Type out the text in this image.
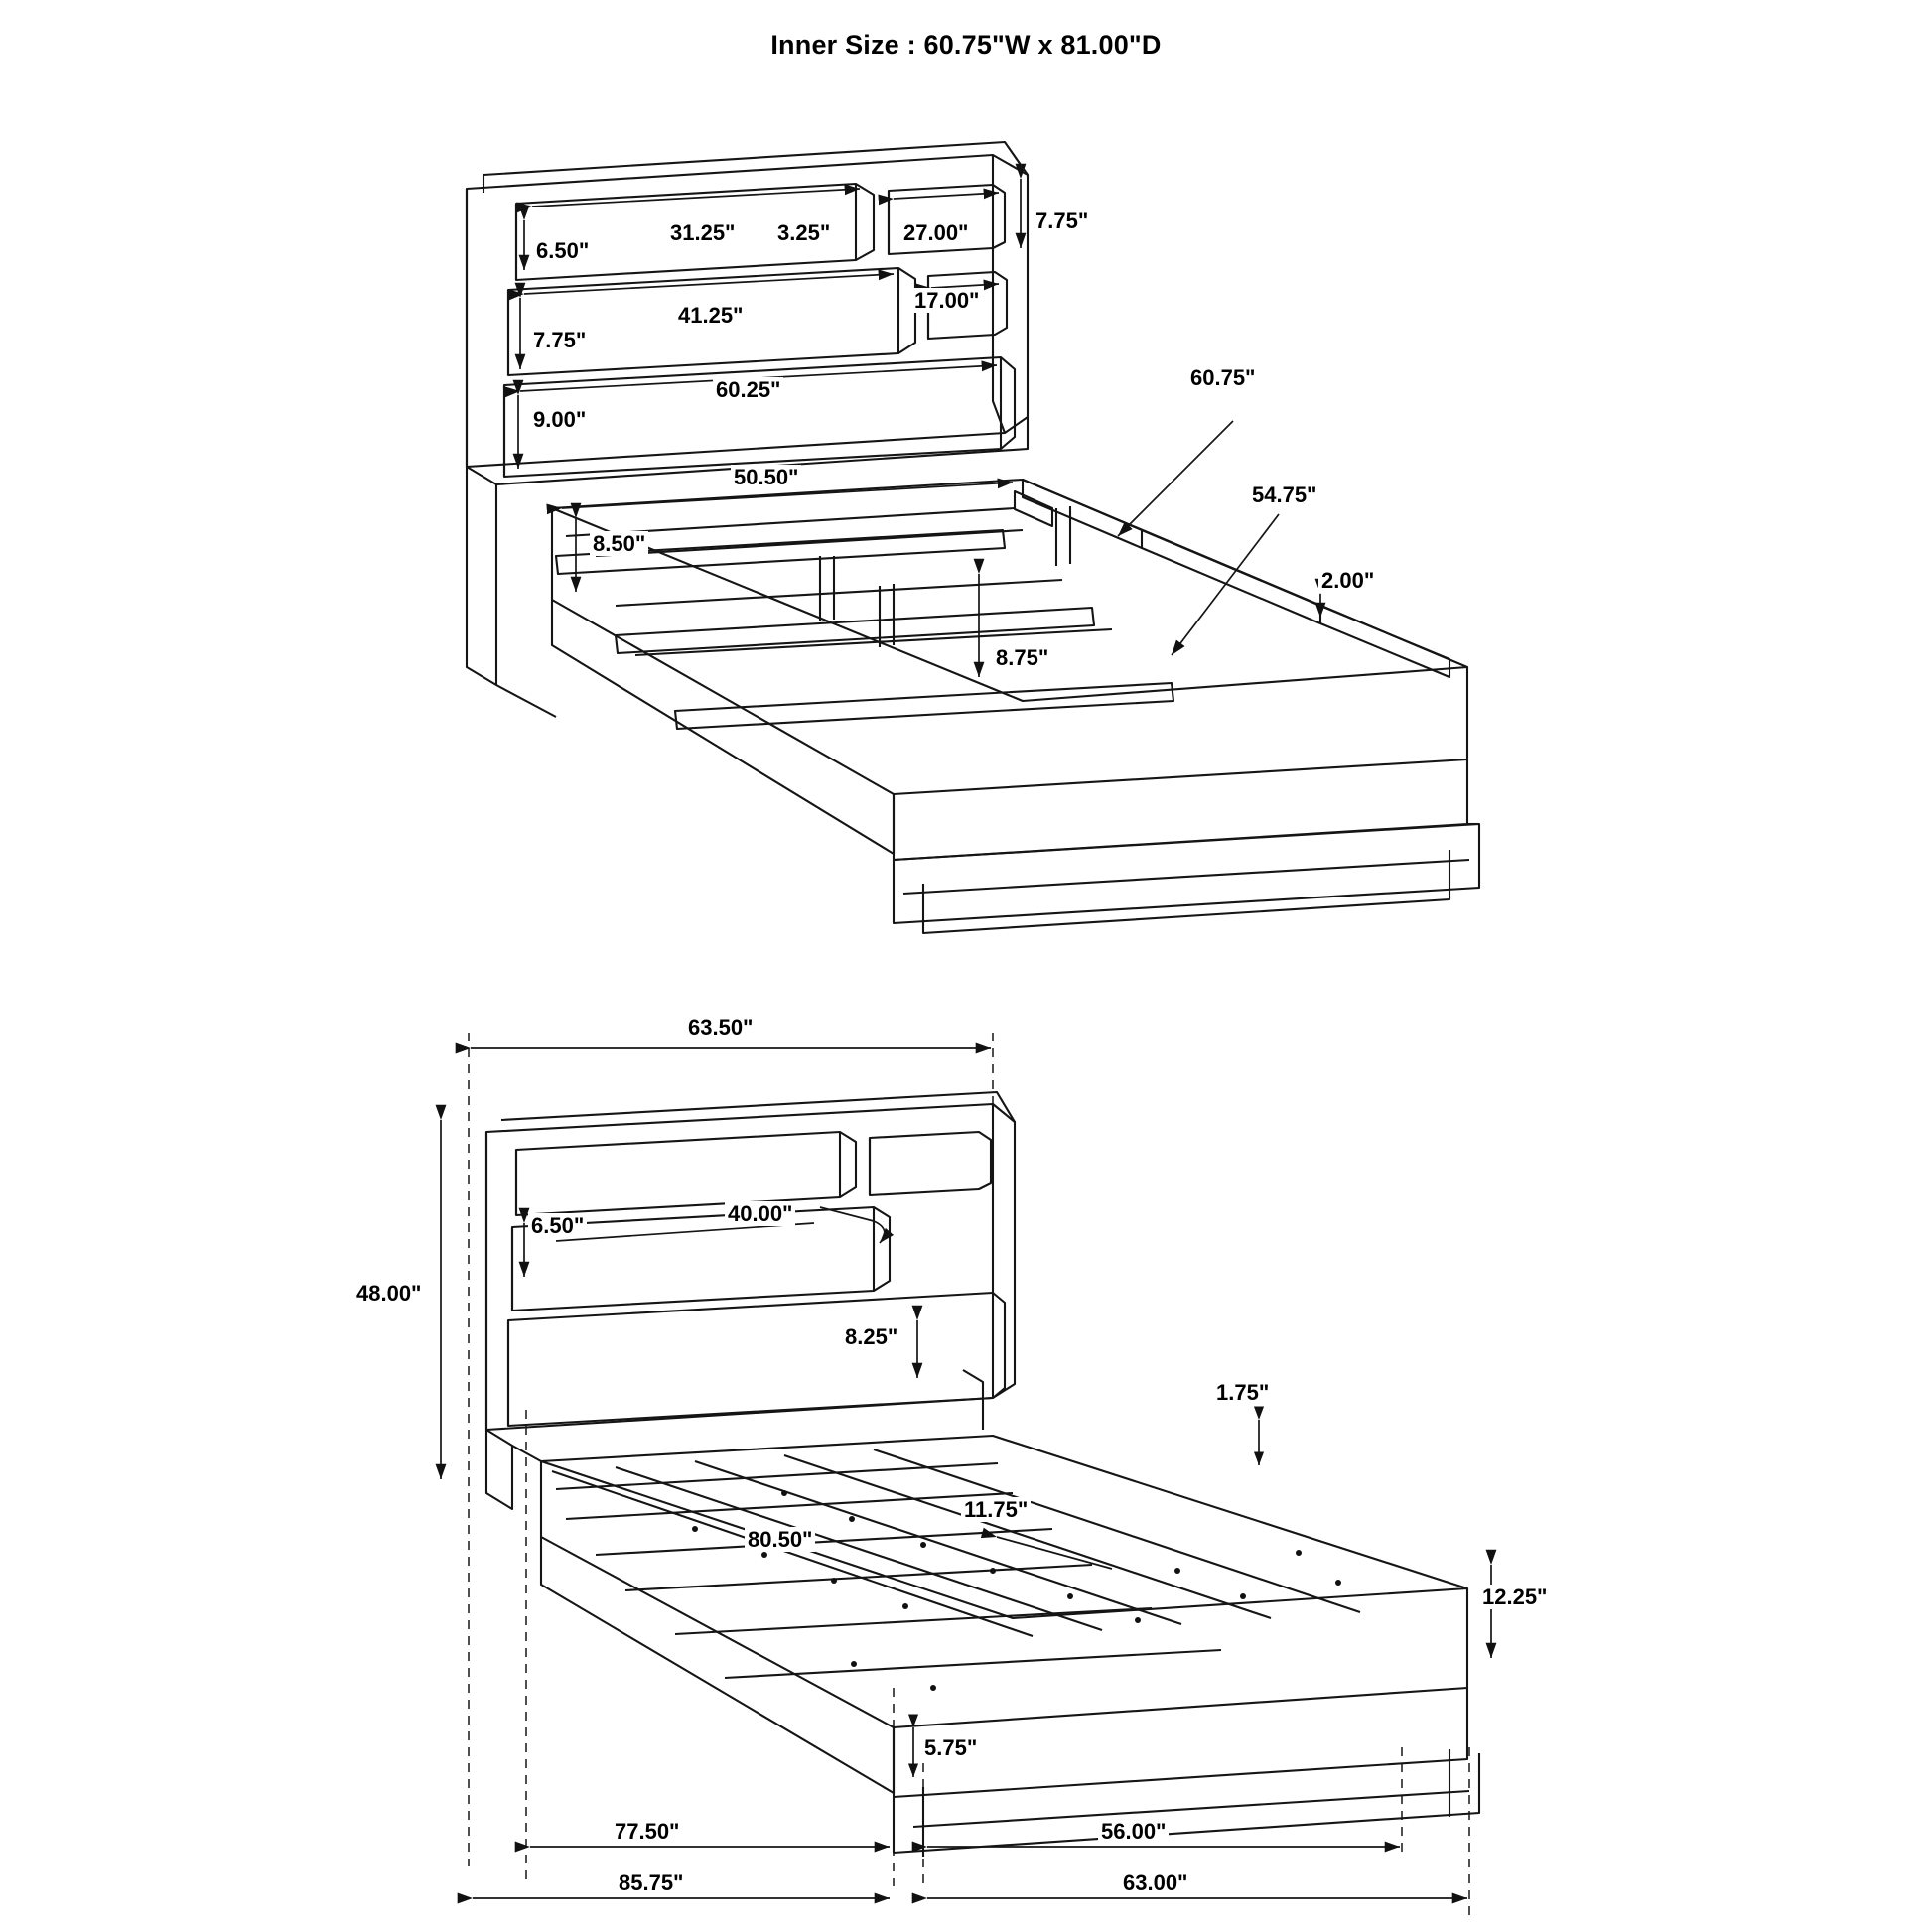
Inner Size : 60.75"W x 81.00"D
6.50"
31.25" 3.25"	27.00"	7.75"
41.25"
17.00"
7.75"
60.25"
9.00"
50.50"
8.50"
60.75"
54.75"
2.00"
8.75"
63.50"
48.00"
6.50"	40.00"
8.25"
1.75"
11.75"
80.50"
12.25"
5.75"
77.50"	56.00"
85.75"	63.00"
